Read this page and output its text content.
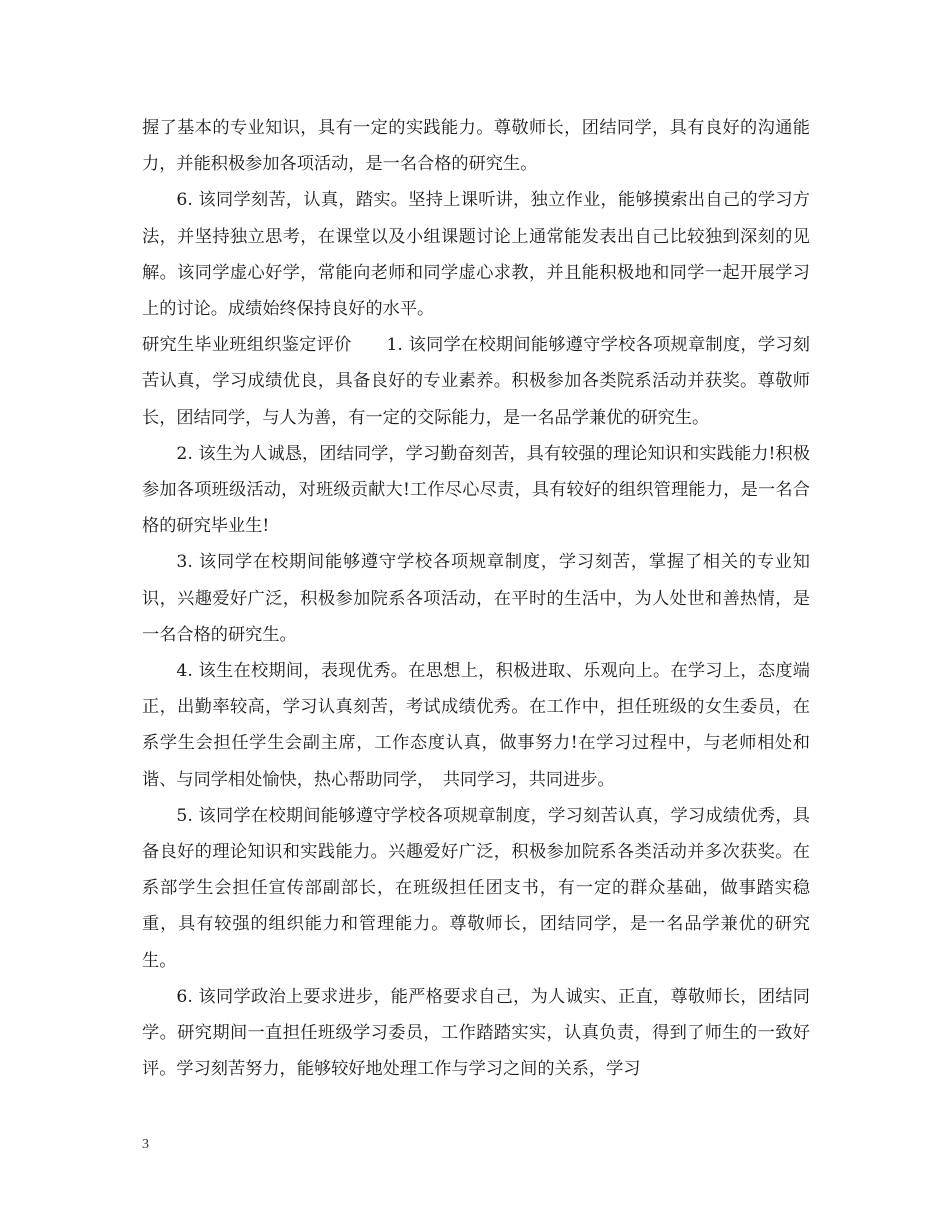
握了基本的专业知识，具有一定的实践能力。尊敬师长，团结同学，具有良好的沟通能力，并能积极参加各项活动，是一名合格的研究生。

6. 该同学刻苦，认真，踏实。坚持上课听讲，独立作业，能够摸索出自己的学习方法，并坚持独立思考，在课堂以及小组课题讨论上通常能发表出自己比较独到深刻的见解。该同学虚心好学，常能向老师和同学虚心求教，并且能积极地和同学一起开展学习上的讨论。成绩始终保持良好的水平。

研究生毕业班组织鉴定评价　　1. 该同学在校期间能够遵守学校各项规章制度，学习刻苦认真，学习成绩优良，具备良好的专业素养。积极参加各类院系活动并获奖。尊敬师长，团结同学，与人为善，有一定的交际能力，是一名品学兼优的研究生。

2. 该生为人诚恳，团结同学，学习勤奋刻苦，具有较强的理论知识和实践能力!积极参加各项班级活动，对班级贡献大!工作尽心尽责，具有较好的组织管理能力，是一名合格的研究毕业生!

3. 该同学在校期间能够遵守学校各项规章制度，学习刻苦，掌握了相关的专业知识，兴趣爱好广泛，积极参加院系各项活动，在平时的生活中，为人处世和善热情，是一名合格的研究生。

4. 该生在校期间，表现优秀。在思想上，积极进取、乐观向上。在学习上，态度端正，出勤率较高，学习认真刻苦，考试成绩优秀。在工作中，担任班级的女生委员，在系学生会担任学生会副主席，工作态度认真，做事努力!在学习过程中，与老师相处和谐、与同学相处愉快，热心帮助同学，　共同学习，共同进步。

5. 该同学在校期间能够遵守学校各项规章制度，学习刻苦认真，学习成绩优秀，具备良好的理论知识和实践能力。兴趣爱好广泛，积极参加院系各类活动并多次获奖。在系部学生会担任宣传部副部长，在班级担任团支书，有一定的群众基础，做事踏实稳重，具有较强的组织能力和管理能力。尊敬师长，团结同学，是一名品学兼优的研究生。

6. 该同学政治上要求进步，能严格要求自己，为人诚实、正直，尊敬师长，团结同学。研究期间一直担任班级学习委员，工作踏踏实实，认真负责，得到了师生的一致好评。学习刻苦努力，能够较好地处理工作与学习之间的关系，学习

3
